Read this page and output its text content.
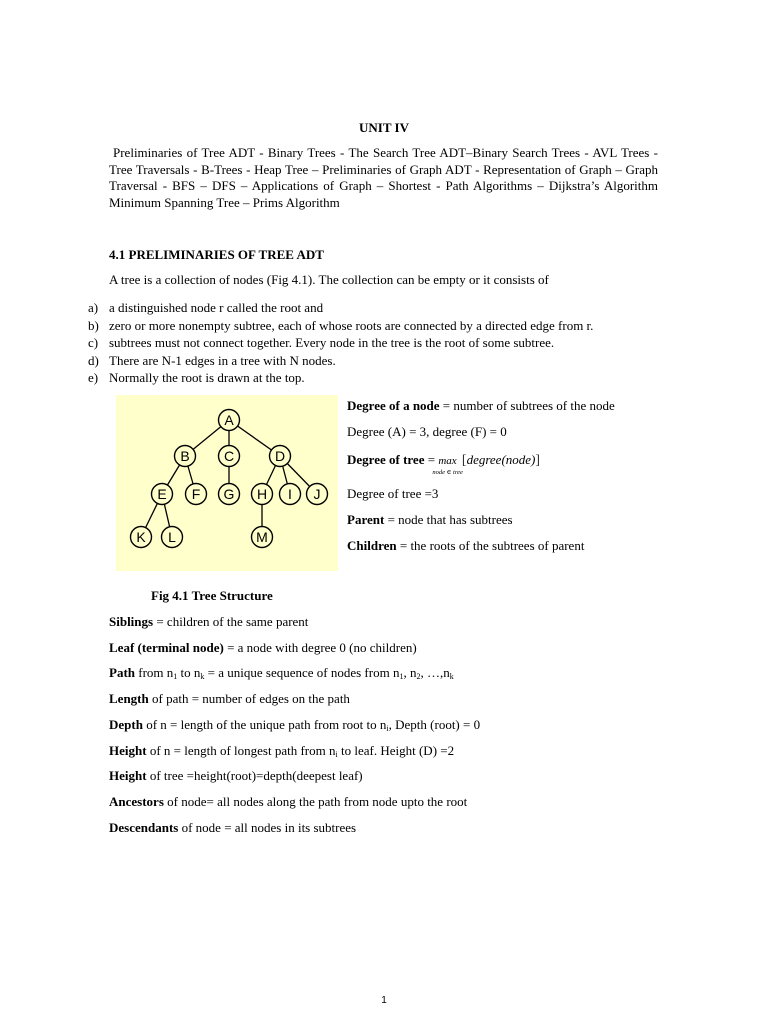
UNIT IV
Preliminaries of Tree ADT - Binary Trees - The Search Tree ADT–Binary Search Trees - AVL Trees - Tree Traversals - B-Trees - Heap Tree – Preliminaries of Graph ADT - Representation of Graph – Graph Traversal - BFS – DFS – Applications of Graph – Shortest - Path Algorithms – Dijkstra’s Algorithm Minimum Spanning Tree – Prims Algorithm
4.1 PRELIMINARIES OF TREE ADT
A tree is a collection of nodes (Fig 4.1). The collection can be empty or it consists of
a) a distinguished node r called the root and
b) zero or more nonempty subtree, each of whose roots are connected by a directed edge from r.
c) subtrees must not connect together. Every node in the tree is the root of some subtree.
d) There are N-1 edges in a tree with N nodes.
e) Normally the root is drawn at the top.
A
B C	D
E F G H I J
K L	M
Degree of a node = number of subtrees of the node
Degree (A) = 3, degree (F) = 0
Degree of tree = max
node ∈ tree
[degree(node)]
Degree of tree =3
Parent = node that has subtrees
Children = the roots of the subtrees of parent
Fig 4.1 Tree Structure
Siblings = children of the same parent
Leaf (terminal node) = a node with degree 0 (no children)
Path from $n_1$ to $n_k = a$ unique sequence of nodes from $n_1$, $n_2$, $\dots,n_k$
Length of path = number of edges on the path
Depth of n = length of the unique path from root to $n_i$, Depth (root) = 0
Height of n = length of longest path from $n_i$ to leaf. Height (D) =2
Height of tree =height(root)=depth(deepest leaf)
Ancestors of node= all nodes along the path from node upto the root
Descendants of node = all nodes in its subtrees
1
